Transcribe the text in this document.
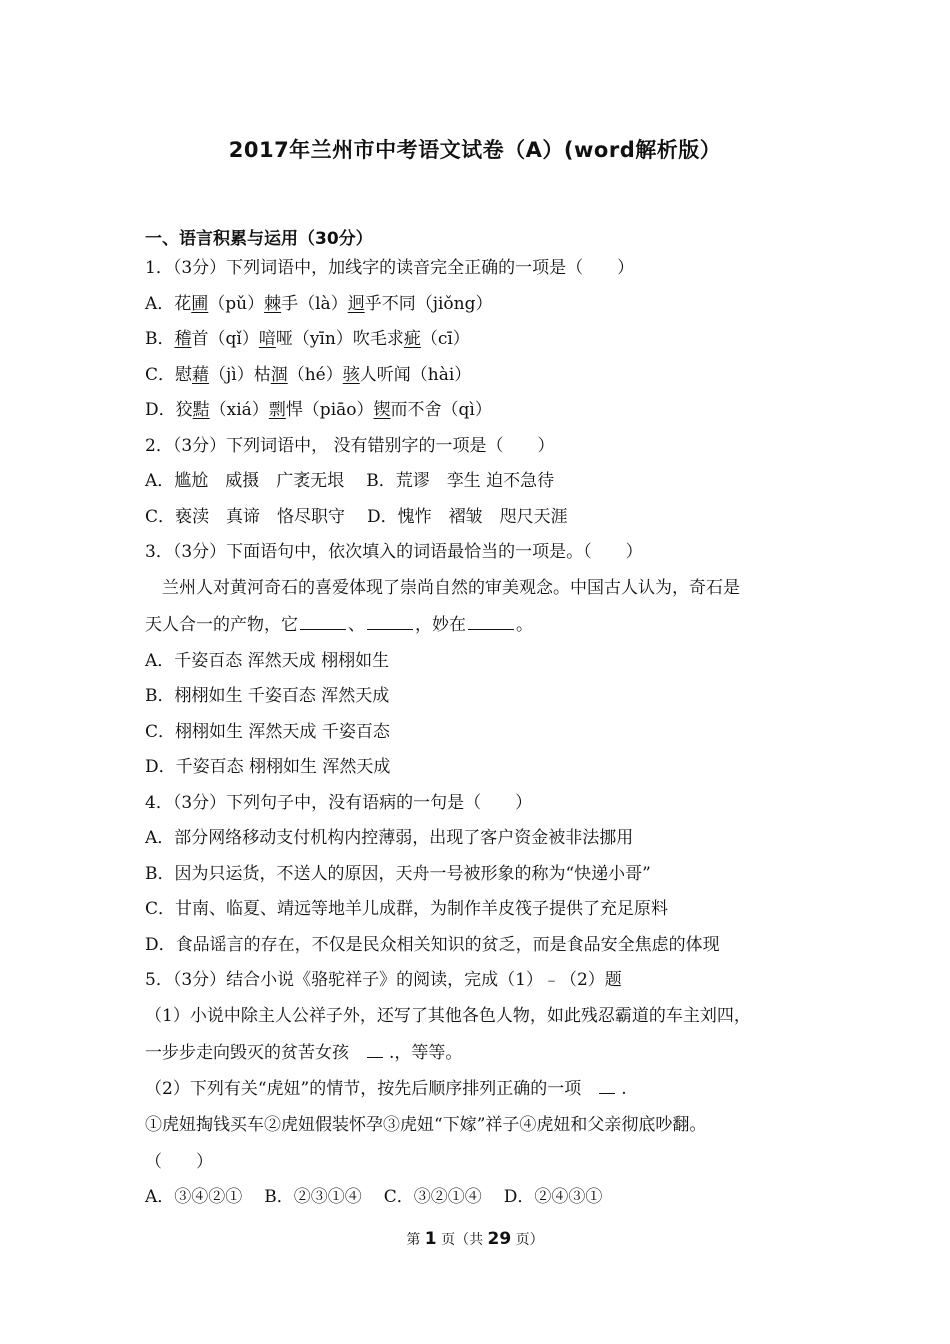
2017年兰州市中考语文试卷（A）(word解析版）
一、语言积累与运用（30分）
1．（3分）下列词语中，加线字的读音完全正确的一项是（　　）
A．花圃（pǔ）棘手（là）迥乎不同（jiǒng）
B．稽首（qǐ）喑哑（yīn）吹毛求疵（cī）
C．慰藉（jì）枯涸（hé）骇人听闻（hài）
D．狡黠（xiá）剽悍（piāo）锲而不舍（qì）
2．（3分）下列词语中， 没有错别字的一项是（　　）
A．尴尬　威摄　广袤无垠 B．荒谬　孪生 迫不急待
C．亵渎　真谛　恪尽职守 D．愧怍　褶皱　咫尺天涯
3．（3分）下面语句中，依次填入的词语最恰当的一项是。（　　）
兰州人对黄河奇石的喜爱体现了崇尚自然的审美观念。中国古人认为，奇石是
天人合一的产物，它	、	，妙在	。
A．千姿百态 浑然天成 栩栩如生
B．栩栩如生 千姿百态 浑然天成
C．栩栩如生 浑然天成 千姿百态
D．千姿百态 栩栩如生 浑然天成
4．（3分）下列句子中，没有语病的一句是（　　）
A．部分网络移动支付机构内控薄弱，出现了客户资金被非法挪用
B．因为只运货，不送人的原因，天舟一号被形象的称为“快递小哥”
C．甘南、临夏、靖远等地羊儿成群，为制作羊皮筏子提供了充足原料
D．食品谣言的存在，不仅是民众相关知识的贫乏，而是食品安全焦虑的体现
5．（3分）结合小说《骆驼祥子》的阅读，完成（1）﹣（2）题
（1）小说中除主人公祥子外，还写了其他各色人物，如此残忍霸道的车主刘四，
一步步走向毁灭的贫苦女孩 .，等等。
（2）下列有关“虎妞”的情节，按先后顺序排列正确的一项 .
①虎妞掏钱买车②虎妞假装怀孕③虎妞“下嫁”祥子④虎妞和父亲彻底吵翻。
（　　）
A．③④②① B．②③①④ C．③②①④ D．②④③①
第 1 页（共 29 页）
